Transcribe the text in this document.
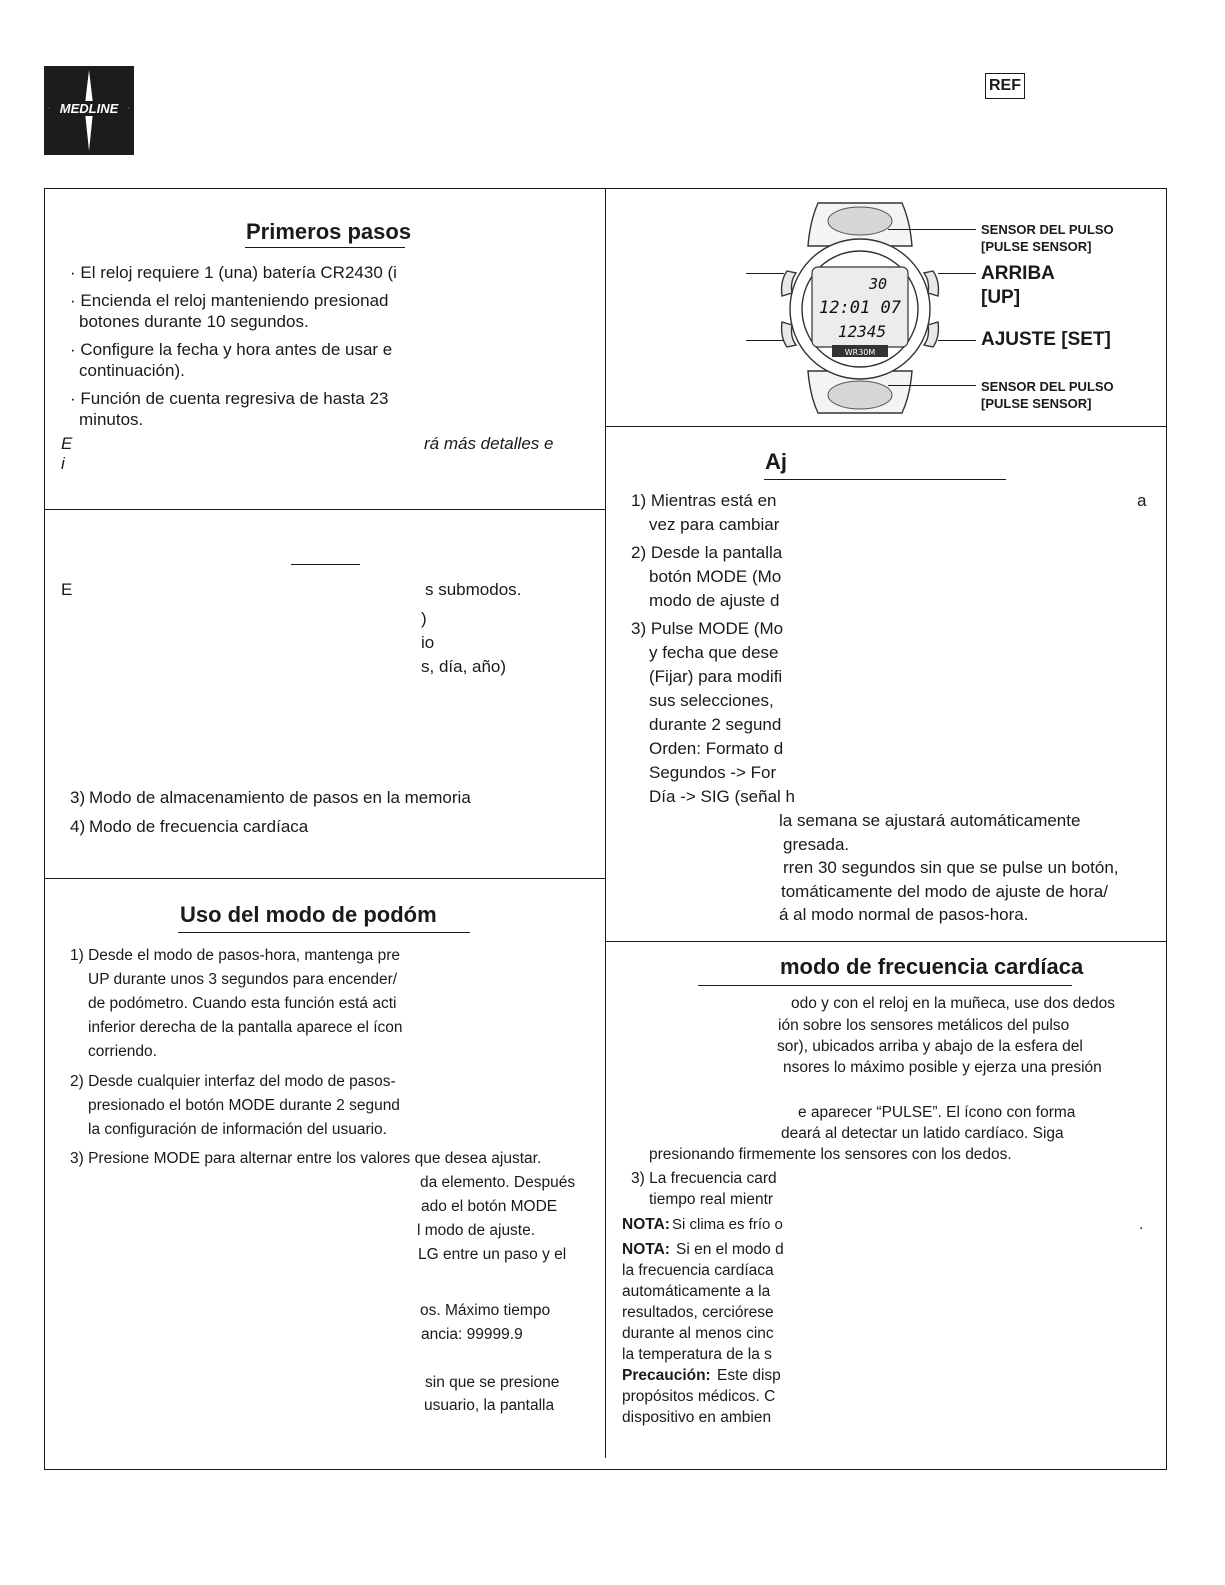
MEDLINE
REF
Primeros pasos
· El reloj requiere 1 (una) batería CR2430 (i
· Encienda el reloj manteniendo presionad
botones durante 10 segundos.
· Configure la fecha y hora antes de usar e
continuación).
· Función de cuenta regresiva de hasta 23
minutos.
E	rá más detalles e
i
E	s submodos.
)
io
s, día, año)
3) Modo de almacenamiento de pasos en la memoria
4) Modo de frecuencia cardíaca
Uso del modo de podóm
1) Desde el modo de pasos-hora, mantenga pre
UP durante unos 3 segundos para encender/
de podómetro. Cuando esta función está acti
inferior derecha de la pantalla aparece el ícon
corriendo.
2) Desde cualquier interfaz del modo de pasos-
presionado el botón MODE durante 2 segund
la configuración de información del usuario.
3) Presione MODE para alternar entre los valores que desea ajustar.
da elemento. Después
ado el botón MODE
l modo de ajuste.
LG entre un paso y el
os. Máximo tiempo
ancia: 99999.9
sin que se presione
usuario, la pantalla
30
12:01 07
12345
WR30M
SENSOR DEL PULSO
[PULSE SENSOR]
ARRIBA
[UP]
AJUSTE [SET]
SENSOR DEL PULSO
[PULSE SENSOR]
Aj
1) Mientras está en	a
vez para cambiar
2) Desde la pantalla
botón MODE (Mo
modo de ajuste d
3) Pulse MODE (Mo
y fecha que dese
(Fijar) para modifi
sus selecciones,
durante 2 segund
Orden: Formato d
Segundos -> For
Día -> SIG (señal h
la semana se ajustará automáticamente
gresada.
rren 30 segundos sin que se pulse un botón,
tomáticamente del modo de ajuste de hora/
á al modo normal de pasos-hora.
modo de frecuencia cardíaca
odo y con el reloj en la muñeca, use dos dedos
ión sobre los sensores metálicos del pulso
sor), ubicados arriba y abajo de la esfera del
nsores lo máximo posible y ejerza una presión
e aparecer “PULSE”. El ícono con forma
deará al detectar un latido cardíaco. Siga
presionando firmemente los sensores con los dedos.
3) La frecuencia card
tiempo real mientr
NOTA: Si clima es frío o	.
NOTA: Si en el modo d
la frecuencia cardíaca
automáticamente a la
resultados, cerciórese
durante al menos cinc
la temperatura de la s
Precaución: Este disp
propósitos médicos. C
dispositivo en ambien
